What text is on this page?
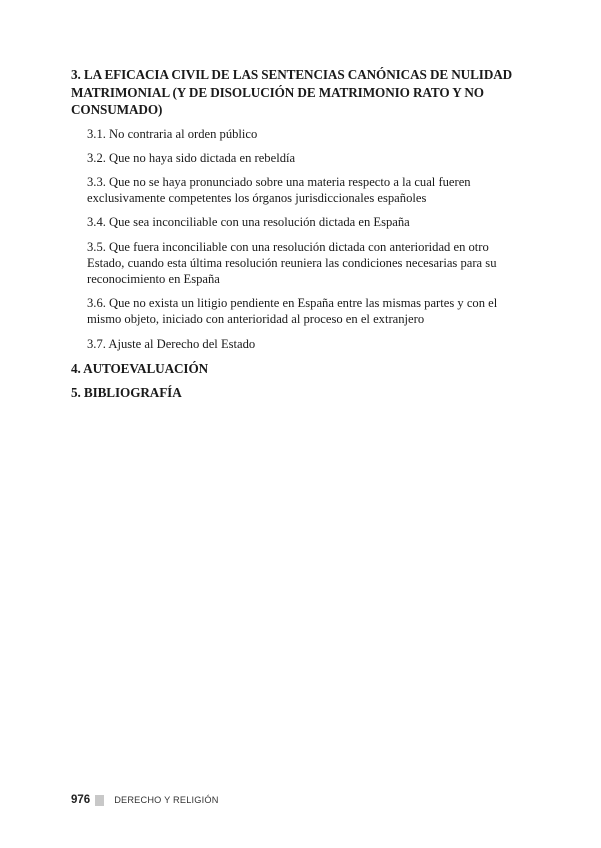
3. LA EFICACIA CIVIL DE LAS SENTENCIAS CANÓNICAS DE NULIDAD MATRIMONIAL (Y DE DISOLUCIÓN DE MATRIMONIO RATO Y NO CONSUMADO)

3.1. No contraria al orden público
3.2. Que no haya sido dictada en rebeldía
3.3. Que no se haya pronunciado sobre una materia respecto a la cual fueren exclusivamente competentes los órganos jurisdiccionales españoles
3.4. Que sea inconciliable con una resolución dictada en España
3.5. Que fuera inconciliable con una resolución dictada con anterioridad en otro Estado, cuando esta última resolución reuniera las condiciones necesarias para su reconocimiento en España
3.6. Que no exista un litigio pendiente en España entre las mismas partes y con el mismo objeto, iniciado con anterioridad al proceso en el extranjero
3.7. Ajuste al Derecho del Estado

4. AUTOEVALUACIÓN

5. BIBLIOGRAFÍA

976	DERECHO Y RELIGIÓN
